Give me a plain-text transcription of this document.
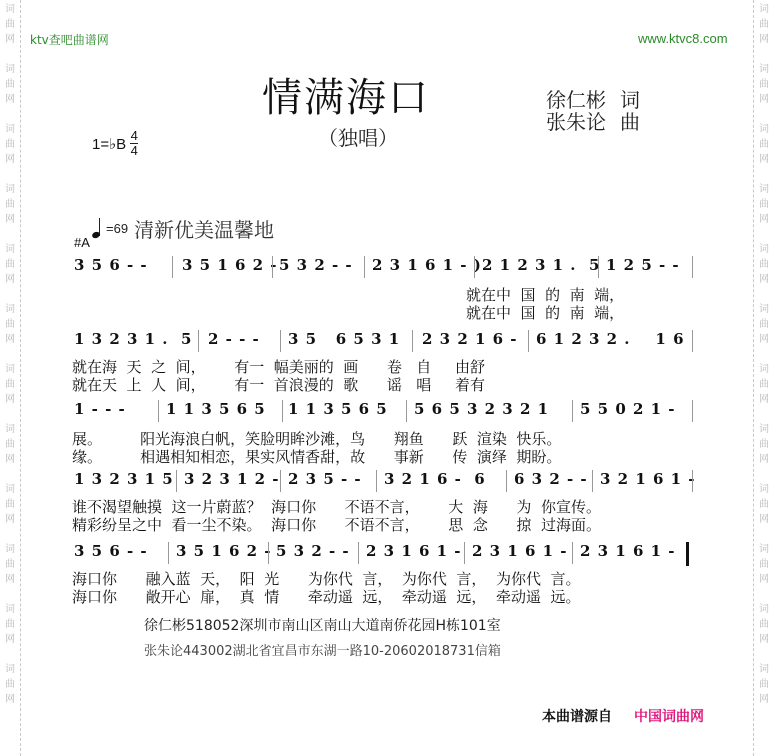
词
曲
网
词
曲
网
词
曲
网
词
曲
网
词
曲
网
词
曲
网
词
曲
网
词
曲
网
词
曲
网
词
曲
网
词
曲
网
词
曲
网
词
曲
网
词
曲
网
词
曲
网
词
曲
网
词
曲
网
词
曲
网
词
曲
网
词
曲
网
词
曲
网
词
曲
网
词
曲
网
词
曲
网
ktv查吧曲谱网	www.ktvc8.com
情满海口
（独唱）
徐仁彬 词
张朱论 曲
1=♭B $\frac{4}{4}$
=69 清新优美温馨地
#A
3 5 6 - - 3 5 1 6 2 - 5 3 2 - - 2 3 1 6 1 - ) 2 1 2 3 1 .  5 1 2 5 - -
就在中  国  的  南  端，
就在中  国  的  南  端，
1 3 2 3 1 .  5 2 - - - 3 5   6 5 3 1 2 3 2 1 6 - 6 1 2 3 2 .    1 6
就在海  天  之  间，      有一  幅美丽的  画      卷   自     由舒
就在天  上  人  间，      有一  首浪漫的  歌      谣   唱     着有
1 - - -	1 1 3 5 6 5 1 1 3 5 6 5 5 6 5 3 2 3 2 1 5 5 0 2 1 -
展。        阳光海浪白帆，笑脸明眸沙滩，鸟      翔鱼      跃  渲染  快乐。
缘。        相遇相知相恋，果实风情香甜，故      事新      传  演绎  期盼。
1 3 2 3 1 5 3 2 3 1 2 - 2 3 5 - - 3 2 1 6 -  6 6 3 2 - - 3 2 1 6 1 -
谁不渴望触摸  这一片蔚蓝？  海口你      不语不言，      大  海      为  你宣传。
精彩纷呈之中  看一尘不染。  海口你      不语不言，      思  念      掠  过海面。
3 5 6 - - 3 5 1 6 2 - 5 3 2 - - 2 3 1 6 1 - 2 3 1 6 1 - 2 3 1 6 1 -
海口你      融入蓝  天，  阳  光      为你代  言，  为你代  言，  为你代  言。
海口你      敞开心  扉，  真  情      牵动遥  远，  牵动遥  远，  牵动遥  远。
徐仁彬518052深圳市南山区南山大道南侨花园H栋101室
张朱论443002湖北省宜昌市东湖一路10-20602018731信箱
本曲谱源自 中国词曲网
